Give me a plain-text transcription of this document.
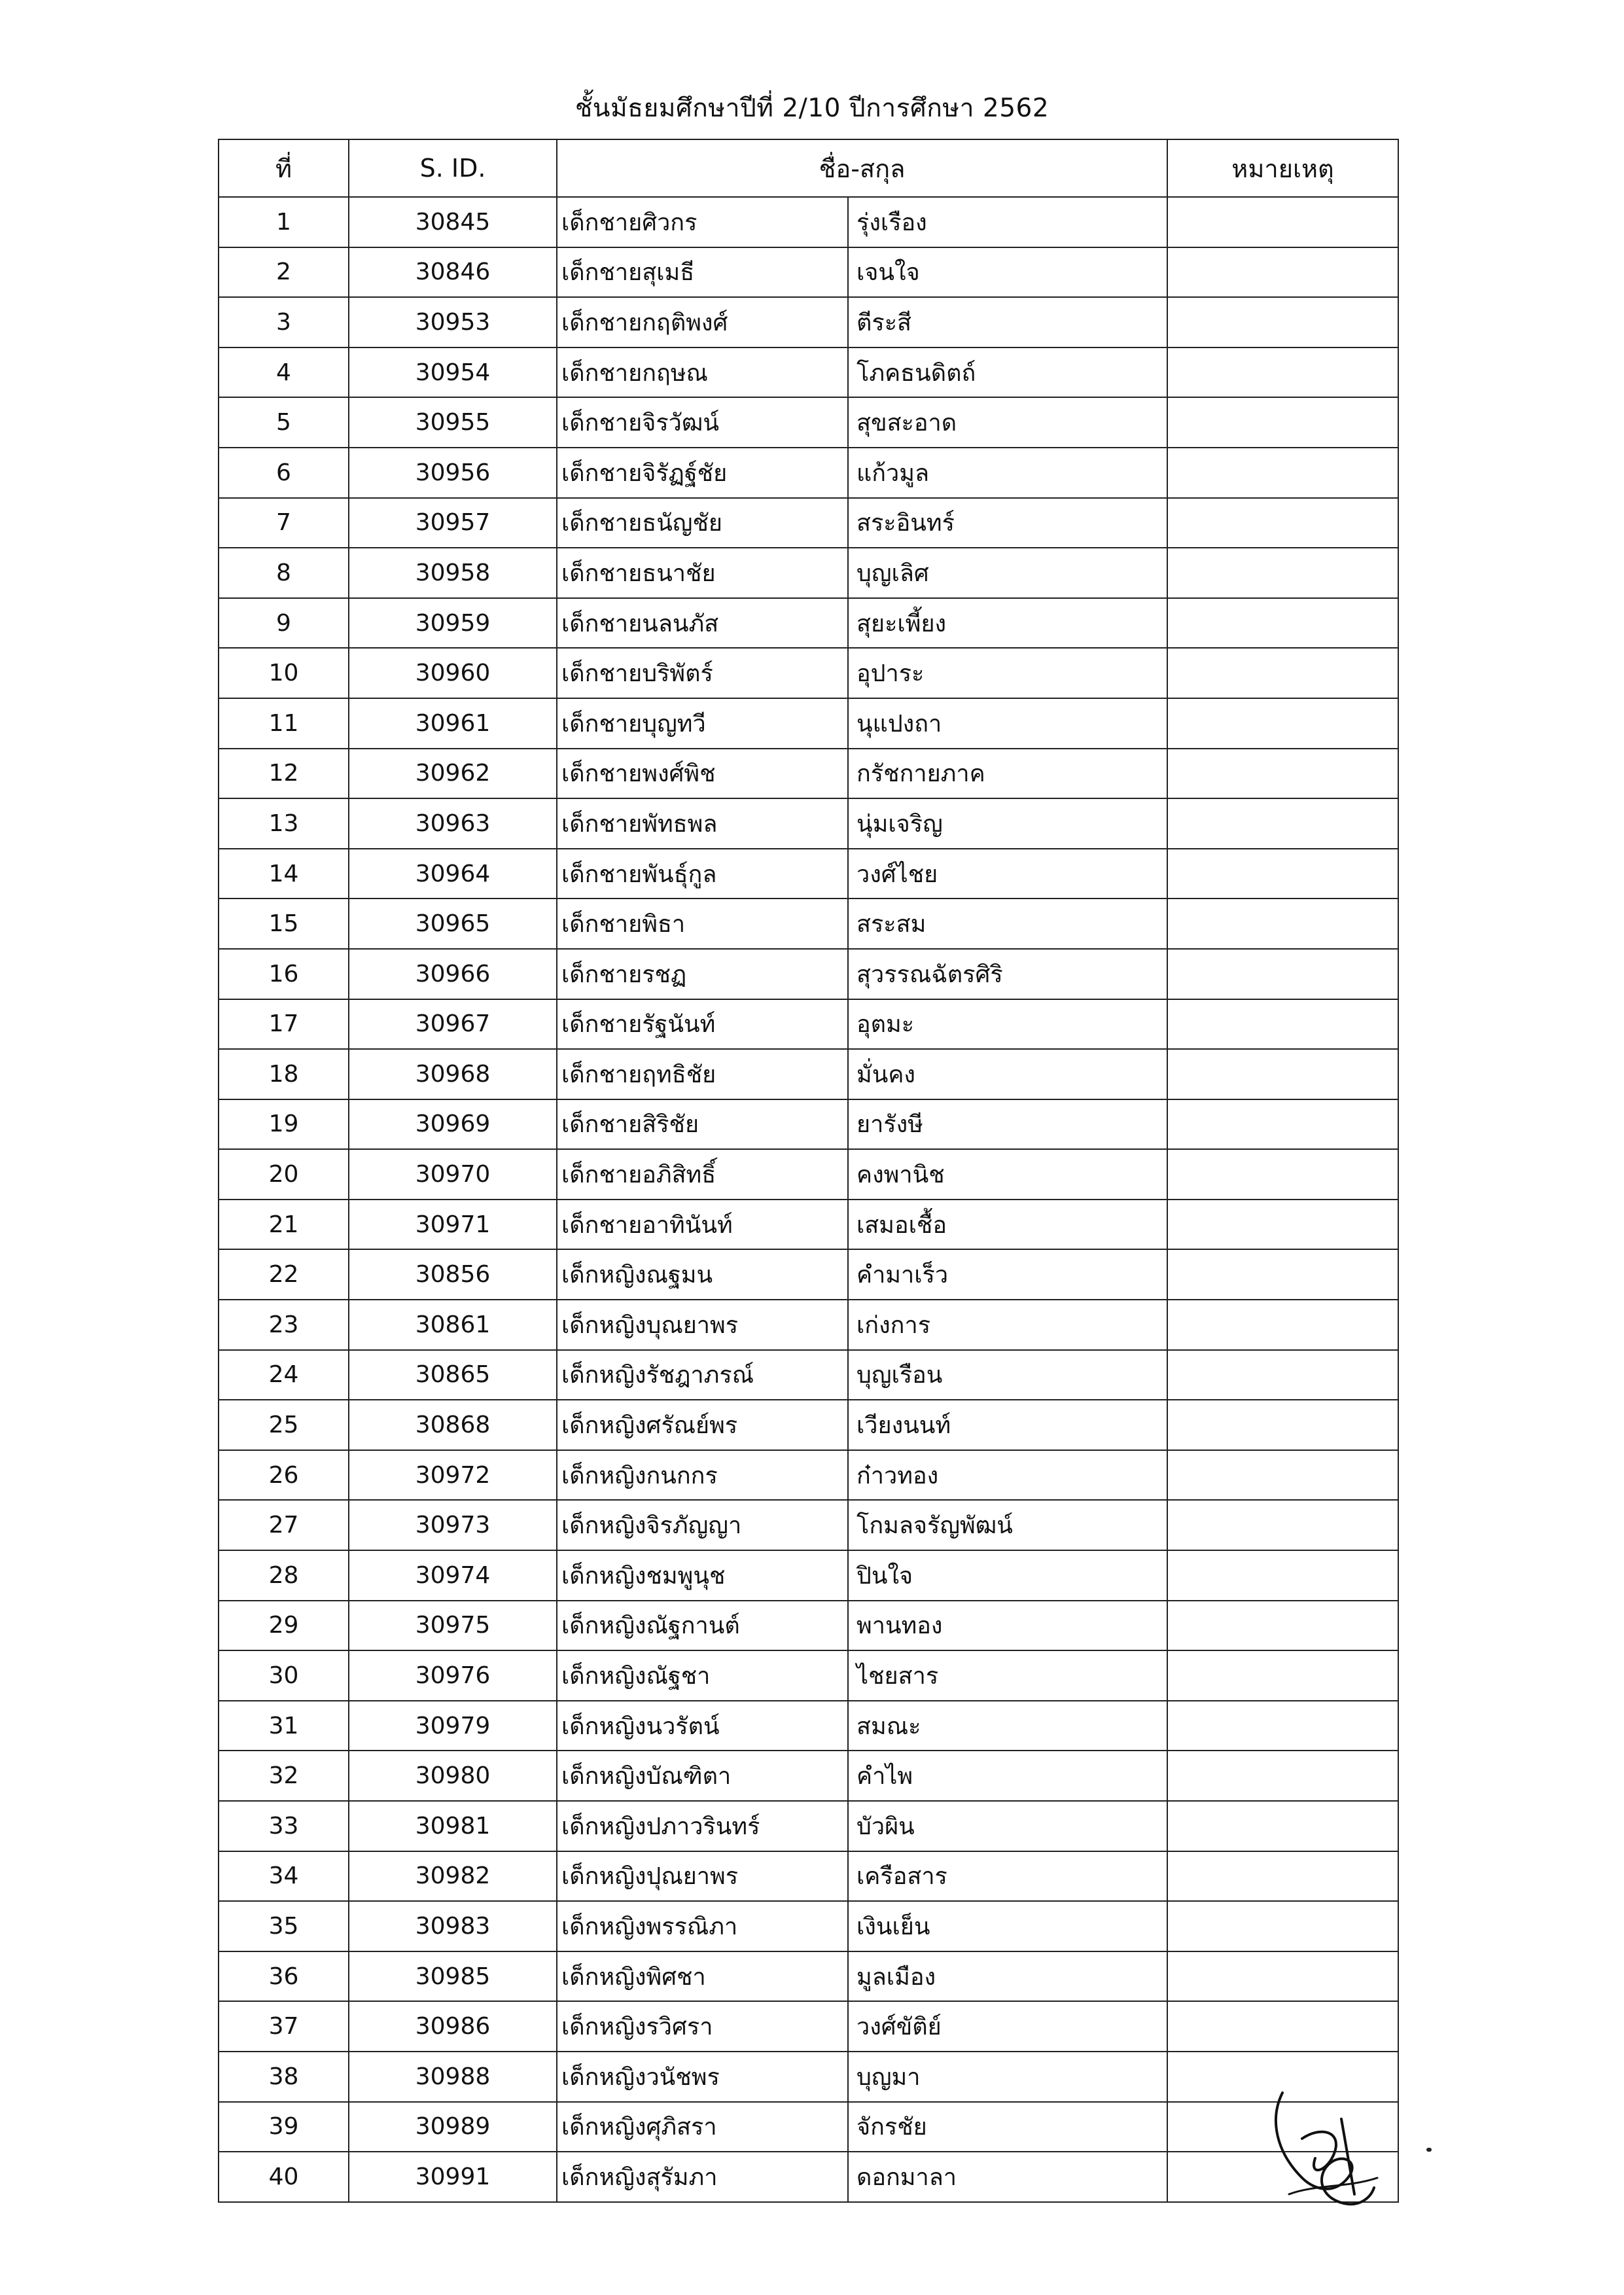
ชั้นมัธยมศึกษาปีที่ 2/10 ปีการศึกษา 2562
ที่	S. ID.	ชื่อ-สกุล		หมายเหตุ
1	30845	เด็กชายศิวกร	รุ่งเรือง	
2	30846	เด็กชายสุเมธี	เจนใจ	
3	30953	เด็กชายกฤติพงศ์	ตีระสี	
4	30954	เด็กชายกฤษณ	โภคธนดิตถ์	
5	30955	เด็กชายจิรวัฒน์	สุขสะอาด	
6	30956	เด็กชายจิรัฏฐ์ชัย	แก้วมูล	
7	30957	เด็กชายธนัญชัย	สระอินทร์	
8	30958	เด็กชายธนาชัย	บุญเลิศ	
9	30959	เด็กชายนลนภัส	สุยะเพี้ยง	
10	30960	เด็กชายบริพัตร์	อุปาระ	
11	30961	เด็กชายบุญทวี	นุแปงถา	
12	30962	เด็กชายพงศ์พิช	กรัชกายภาค	
13	30963	เด็กชายพัทธพล	นุ่มเจริญ	
14	30964	เด็กชายพันธุ์กูล	วงศ์ไชย	
15	30965	เด็กชายพิธา	สระสม	
16	30966	เด็กชายรชฏ	สุวรรณฉัตรศิริ	
17	30967	เด็กชายรัฐนันท์	อุตมะ	
18	30968	เด็กชายฤทธิชัย	มั่นคง	
19	30969	เด็กชายสิริชัย	ยารังษี	
20	30970	เด็กชายอภิสิทธิ์	คงพานิช	
21	30971	เด็กชายอาทินันท์	เสมอเชื้อ	
22	30856	เด็กหญิงณฐมน	คำมาเร็ว	
23	30861	เด็กหญิงบุณยาพร	เก่งการ	
24	30865	เด็กหญิงรัชฎาภรณ์	บุญเรือน	
25	30868	เด็กหญิงศรัณย์พร	เวียงนนท์	
26	30972	เด็กหญิงกนกกร	ก๋าวทอง	
27	30973	เด็กหญิงจิรภัญญา	โกมลจรัญพัฒน์	
28	30974	เด็กหญิงชมพูนุช	ปินใจ	
29	30975	เด็กหญิงณัฐกานต์	พานทอง	
30	30976	เด็กหญิงณัฐชา	ไชยสาร	
31	30979	เด็กหญิงนวรัตน์	สมณะ	
32	30980	เด็กหญิงบัณฑิตา	คำไพ	
33	30981	เด็กหญิงปภาวรินทร์	บัวผิน	
34	30982	เด็กหญิงปุณยาพร	เครือสาร	
35	30983	เด็กหญิงพรรณิภา	เงินเย็น	
36	30985	เด็กหญิงพิศชา	มูลเมือง	
37	30986	เด็กหญิงรวิศรา	วงศ์ขัติย์	
38	30988	เด็กหญิงวนัชพร	บุญมา	
39	30989	เด็กหญิงศุภิสรา	จักรชัย	
40	30991	เด็กหญิงสุรัมภา	ดอกมาลา	
